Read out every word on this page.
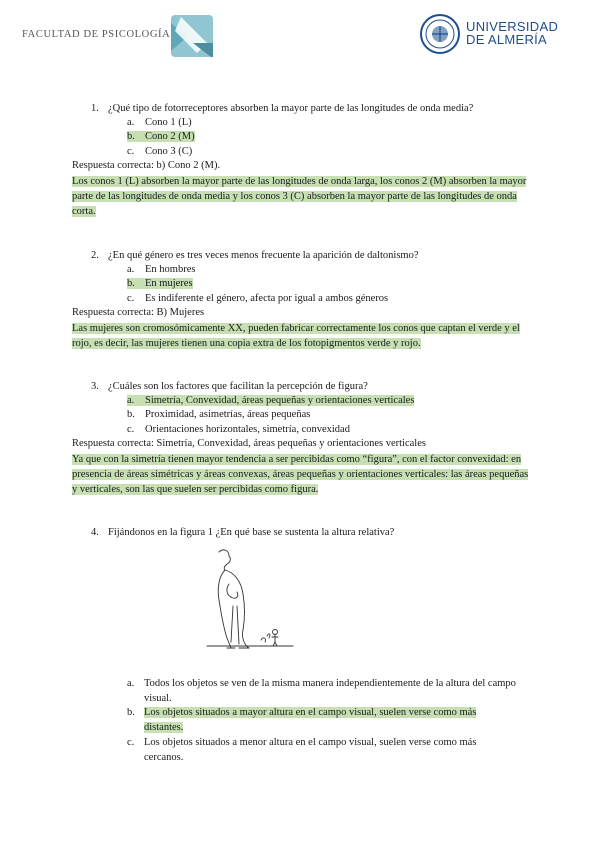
FACULTAD DE PSICOLOGÍA
UNIVERSIDAD
DE ALMERÍA
1. ¿Qué tipo de fotorreceptores absorben la mayor parte de las longitudes de onda media?
a. Cono 1 (L)
b. Cono 2 (M)
c. Cono 3 (C)
Respuesta correcta: b) Cono 2 (M).
Los conos 1 (L) absorben la mayor parte de las longitudes de onda larga, los conos 2 (M) absorben la mayor parte de las longitudes de onda media y los conos 3 (C) absorben la mayor parte de las longitudes de onda corta.
2. ¿En qué género es tres veces menos frecuente la aparición de daltonismo?
a. En hombres
b. En mujeres
c. Es indiferente el género, afecta por igual a ambos géneros
Respuesta correcta: B) Mujeres
Las mujeres son cromosómicamente XX, pueden fabricar correctamente los conos que captan el verde y el rojo, es decir, las mujeres tienen una copia extra de los fotopigmentos verde y rojo.
3. ¿Cuáles son los factores que facilitan la percepción de figura?
a. Simetría, Convexidad, áreas pequeñas y orientaciones verticales
b. Proximidad, asimetrías, áreas pequeñas
c. Orientaciones horizontales, simetría, convexidad
Respuesta correcta: Simetría, Convexidad, áreas pequeñas y orientaciones verticales
Ya que con la simetría tienen mayor tendencia a ser percibidas como “figura”, con el factor convexidad: en presencia de áreas simétricas y áreas convexas, áreas pequeñas y orientaciones verticales: las áreas pequeñas y verticales, son las que suelen ser percibidas como figura.
4. Fijándonos en la figura 1 ¿En qué base se sustenta la altura relativa?
a. Todos los objetos se ven de la misma manera independientemente de la altura del campo visual.
b. Los objetos situados a mayor altura en el campo visual, suelen verse como más distantes.
c. Los objetos situados a menor altura en el campo visual, suelen verse como más cercanos.
